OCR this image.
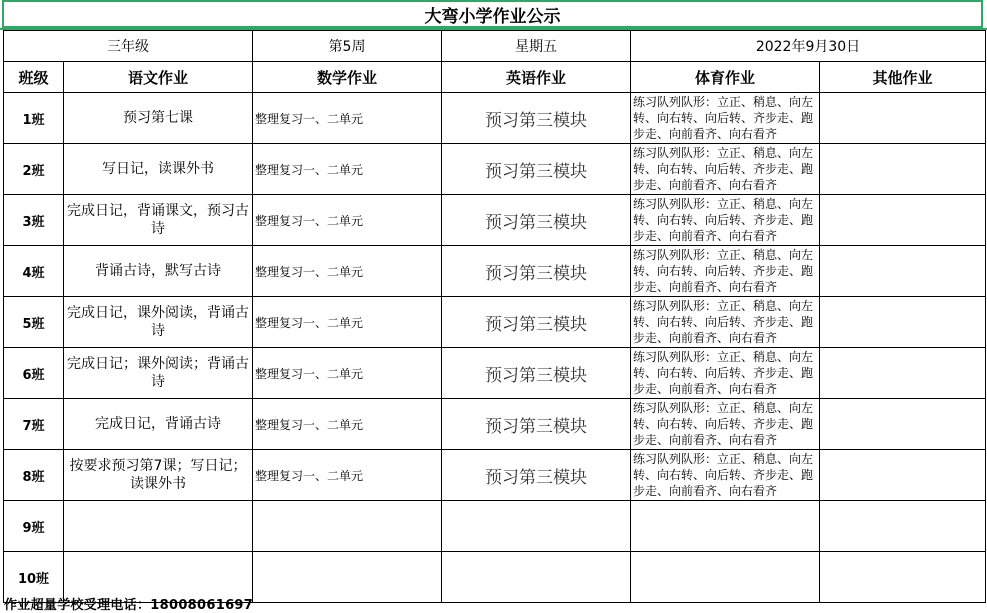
大弯小学作业公示
三年级		第5周	星期五	2022年9月30日	
班级	语文作业	数学作业	英语作业	体育作业	其他作业
1班	预习第七课	整理复习一、二单元	预习第三模块	练习队列队形：立正、稍息、向左转、向右转、向后转、齐步走、跑步走、向前看齐、向右看齐	
2班	写日记，读课外书	整理复习一、二单元	预习第三模块	练习队列队形：立正、稍息、向左转、向右转、向后转、齐步走、跑步走、向前看齐、向右看齐	
3班	完成日记，背诵课文，预习古诗	整理复习一、二单元	预习第三模块	练习队列队形：立正、稍息、向左转、向右转、向后转、齐步走、跑步走、向前看齐、向右看齐	
4班	背诵古诗，默写古诗	整理复习一、二单元	预习第三模块	练习队列队形：立正、稍息、向左转、向右转、向后转、齐步走、跑步走、向前看齐、向右看齐	
5班	完成日记，课外阅读，背诵古诗	整理复习一、二单元	预习第三模块	练习队列队形：立正、稍息、向左转、向右转、向后转、齐步走、跑步走、向前看齐、向右看齐	
6班	完成日记；课外阅读；背诵古诗	整理复习一、二单元	预习第三模块	练习队列队形：立正、稍息、向左转、向右转、向后转、齐步走、跑步走、向前看齐、向右看齐	
7班	完成日记，背诵古诗	整理复习一、二单元	预习第三模块	练习队列队形：立正、稍息、向左转、向右转、向后转、齐步走、跑步走、向前看齐、向右看齐	
8班	按要求预习第7课；写日记；读课外书	整理复习一、二单元	预习第三模块	练习队列队形：立正、稍息、向左转、向右转、向后转、齐步走、跑步走、向前看齐、向右看齐	
9班					
10班					
作业超量学校受理电话：18008061697
